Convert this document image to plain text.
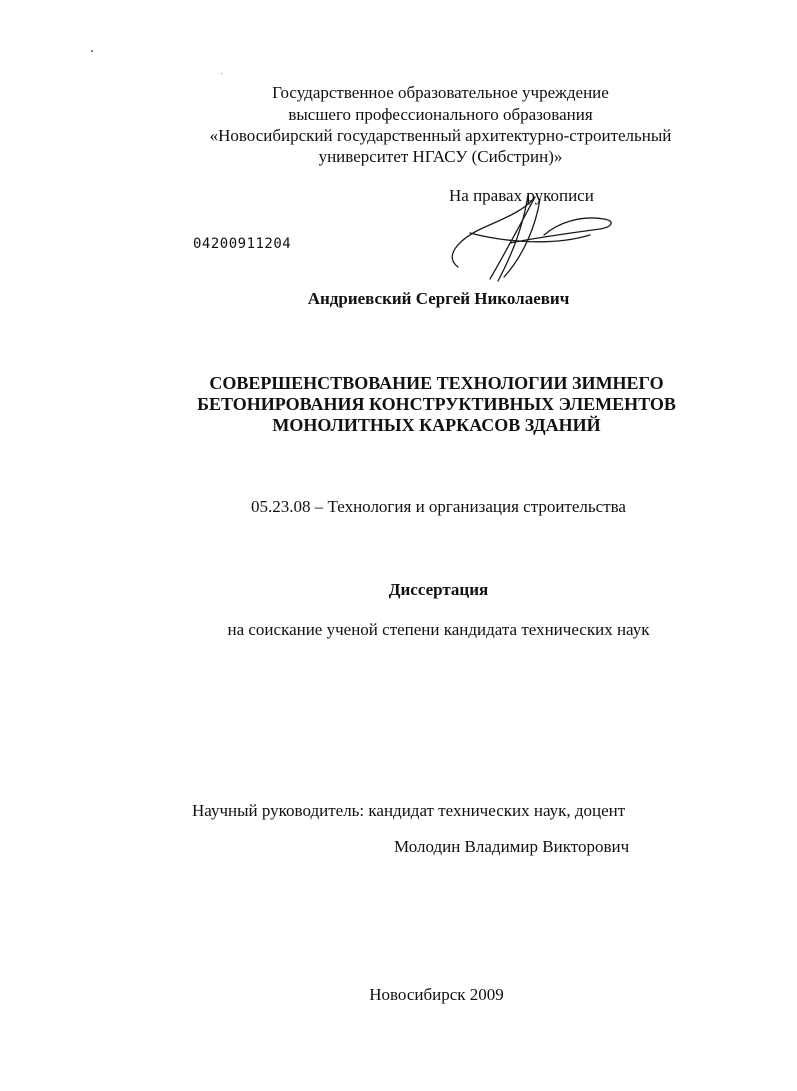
Государственное образовательное учреждение
высшего профессионального образования
«Новосибирский государственный архитектурно-строительный
университет НГАСУ (Сибстрин)»
На правах рукописи
04200911204
Андриевский Сергей Николаевич
СОВЕРШЕНСТВОВАНИЕ ТЕХНОЛОГИИ ЗИМНЕГО
БЕТОНИРОВАНИЯ КОНСТРУКТИВНЫХ ЭЛЕМЕНТОВ
МОНОЛИТНЫХ КАРКАСОВ ЗДАНИЙ
05.23.08 – Технология и организация строительства
Диссертация
на соискание ученой степени кандидата технических наук
Научный руководитель: кандидат технических наук, доцент
Молодин Владимир Викторович
Новосибирск 2009
